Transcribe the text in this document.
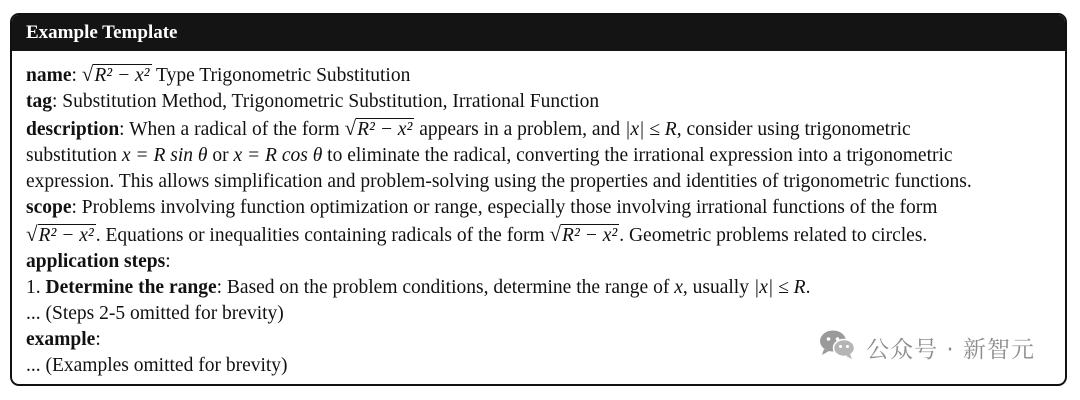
Example Template
name: √R² − x² Type Trigonometric Substitution
tag: Substitution Method, Trigonometric Substitution, Irrational Function
description: When a radical of the form √R² − x² appears in a problem, and |x| ≤ R, consider using trigonometric
substitution x = R sin θ or x = R cos θ to eliminate the radical, converting the irrational expression into a trigonometric
expression. This allows simplification and problem-solving using the properties and identities of trigonometric functions.
scope: Problems involving function optimization or range, especially those involving irrational functions of the form
√R² − x² . Equations or inequalities containing radicals of the form √R² − x² . Geometric problems related to circles.
application steps:
1. Determine the range: Based on the problem conditions, determine the range of x, usually |x| ≤ R.
... (Steps 2-5 omitted for brevity)
example:
... (Examples omitted for brevity)
公众号 · 新智元
